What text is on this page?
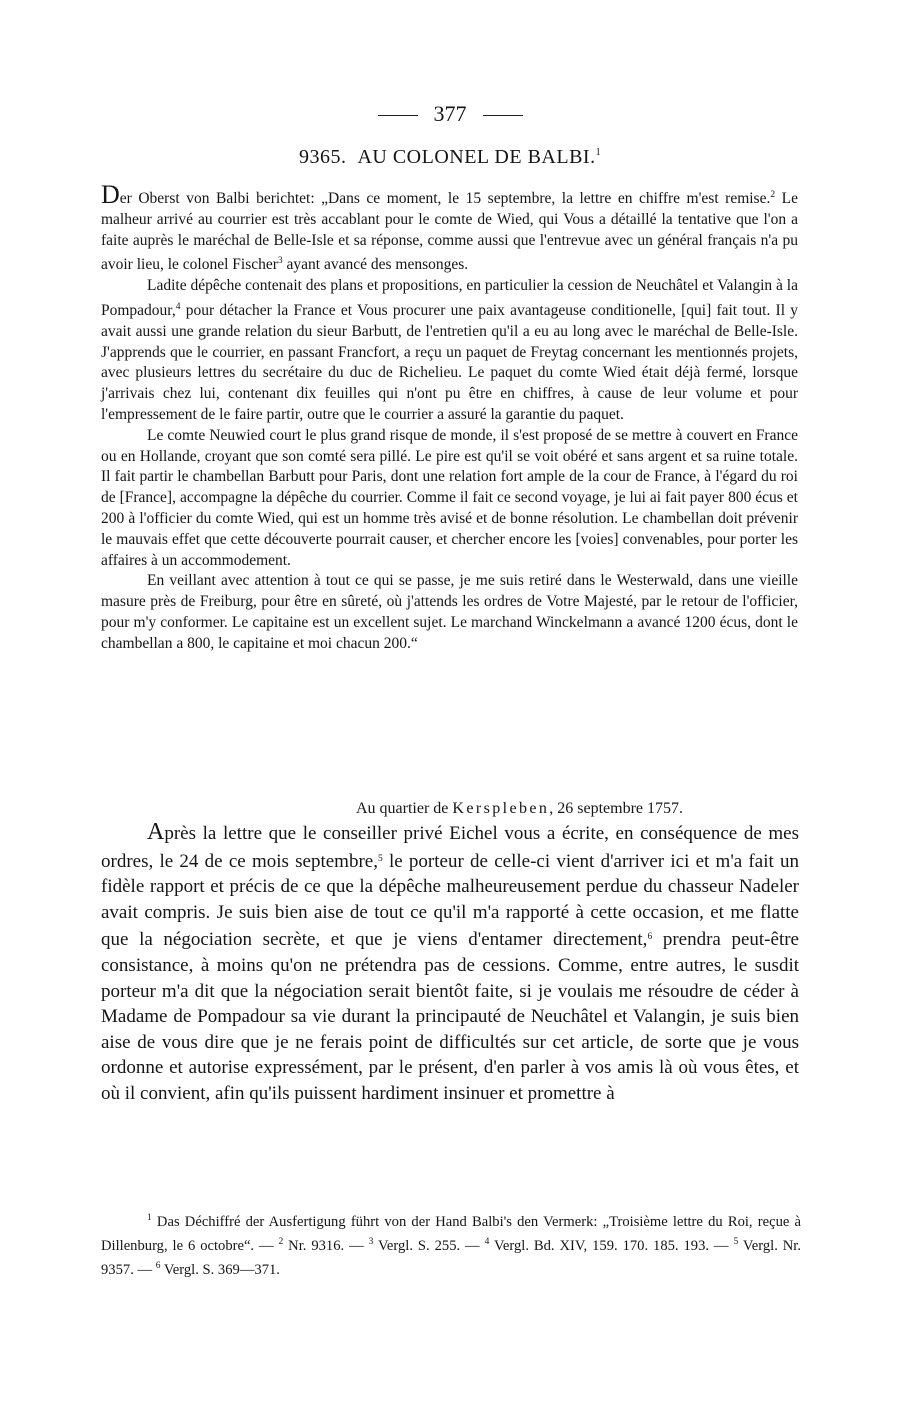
377
9365. AU COLONEL DE BALBI.$^1$

Der Oberst von Balbi berichtet: „Dans ce moment, le 15 septembre, la lettre en chiffre m'est remise.$^2$ Le malheur arrivé au courrier est très accablant pour le comte de Wied, qui Vous a détaillé la tentative que l'on a faite auprès le maréchal de Belle-Isle et sa réponse, comme aussi que l'entrevue avec un général français n'a pu avoir lieu, le colonel Fischer$^3$ ayant avancé des mensonges.

Ladite dépêche contenait des plans et propositions, en particulier la cession de Neuchâtel et Valangin à la Pompadour,$^4$ pour détacher la France et Vous procurer une paix avantageuse conditionelle, [qui] fait tout. Il y avait aussi une grande relation du sieur Barbutt, de l'entretien qu'il a eu au long avec le maréchal de Belle-Isle. J'apprends que le courrier, en passant Francfort, a reçu un paquet de Freytag concernant les mentionnés projets, avec plusieurs lettres du secrétaire du duc de Richelieu. Le paquet du comte Wied était déjà fermé, lorsque j'arrivais chez lui, contenant dix feuilles qui n'ont pu être en chiffres, à cause de leur volume et pour l'empressement de le faire partir, outre que le courrier a assuré la garantie du paquet.

Le comte Neuwied court le plus grand risque de monde, il s'est proposé de se mettre à couvert en France ou en Hollande, croyant que son comté sera pillé. Le pire est qu'il se voit obéré et sans argent et sa ruine totale. Il fait partir le chambellan Barbutt pour Paris, dont une relation fort ample de la cour de France, à l'égard du roi de [France], accompagne la dépêche du courrier. Comme il fait ce second voyage, je lui ai fait payer 800 écus et 200 à l'officier du comte Wied, qui est un homme très avisé et de bonne résolution. Le chambellan doit prévenir le mauvais effet que cette découverte pourrait causer, et chercher encore les [voies] convenables, pour porter les affaires à un accommodement.

En veillant avec attention à tout ce qui se passe, je me suis retiré dans le Westerwald, dans une vieille masure près de Freiburg, pour être en sûreté, où j'attends les ordres de Votre Majesté, par le retour de l'officier, pour m'y conformer. Le capitaine est un excellent sujet. Le marchand Winckelmann a avancé 1200 écus, dont le chambellan a 800, le capitaine et moi chacun 200.“

Au quartier de Kerspleben, 26 septembre 1757.

Après la lettre que le conseiller privé Eichel vous a écrite, en conséquence de mes ordres, le 24 de ce mois septembre,$^5$ le porteur de celle-ci vient d'arriver ici et m'a fait un fidèle rapport et précis de ce que la dépêche malheureusement perdue du chasseur Nadeler avait compris. Je suis bien aise de tout ce qu'il m'a rapporté à cette occasion, et me flatte que la négociation secrète, et que je viens d'entamer directement,$^6$ prendra peut-être consistance, à moins qu'on ne prétendra pas de cessions. Comme, entre autres, le susdit porteur m'a dit que la négociation serait bientôt faite, si je voulais me résoudre de céder à Madame de Pompadour sa vie durant la principauté de Neuchâtel et Valangin, je suis bien aise de vous dire que je ne ferais point de difficultés sur cet article, de sorte que je vous ordonne et autorise expressément, par le présent, d'en parler à vos amis là où vous êtes, et où il convient, afin qu'ils puissent hardiment insinuer et promettre à

$^1$ Das Déchiffré der Ausfertigung führt von der Hand Balbi's den Vermerk: „Troisième lettre du Roi, reçue à Dillenburg, le 6 octobre“. — $^2$ Nr. 9316. — $^3$ Vergl. S. 255. — $^4$ Vergl. Bd. XIV, 159. 170. 185. 193. — $^5$ Vergl. Nr. 9357. — $^6$ Vergl. S. 369—371.
